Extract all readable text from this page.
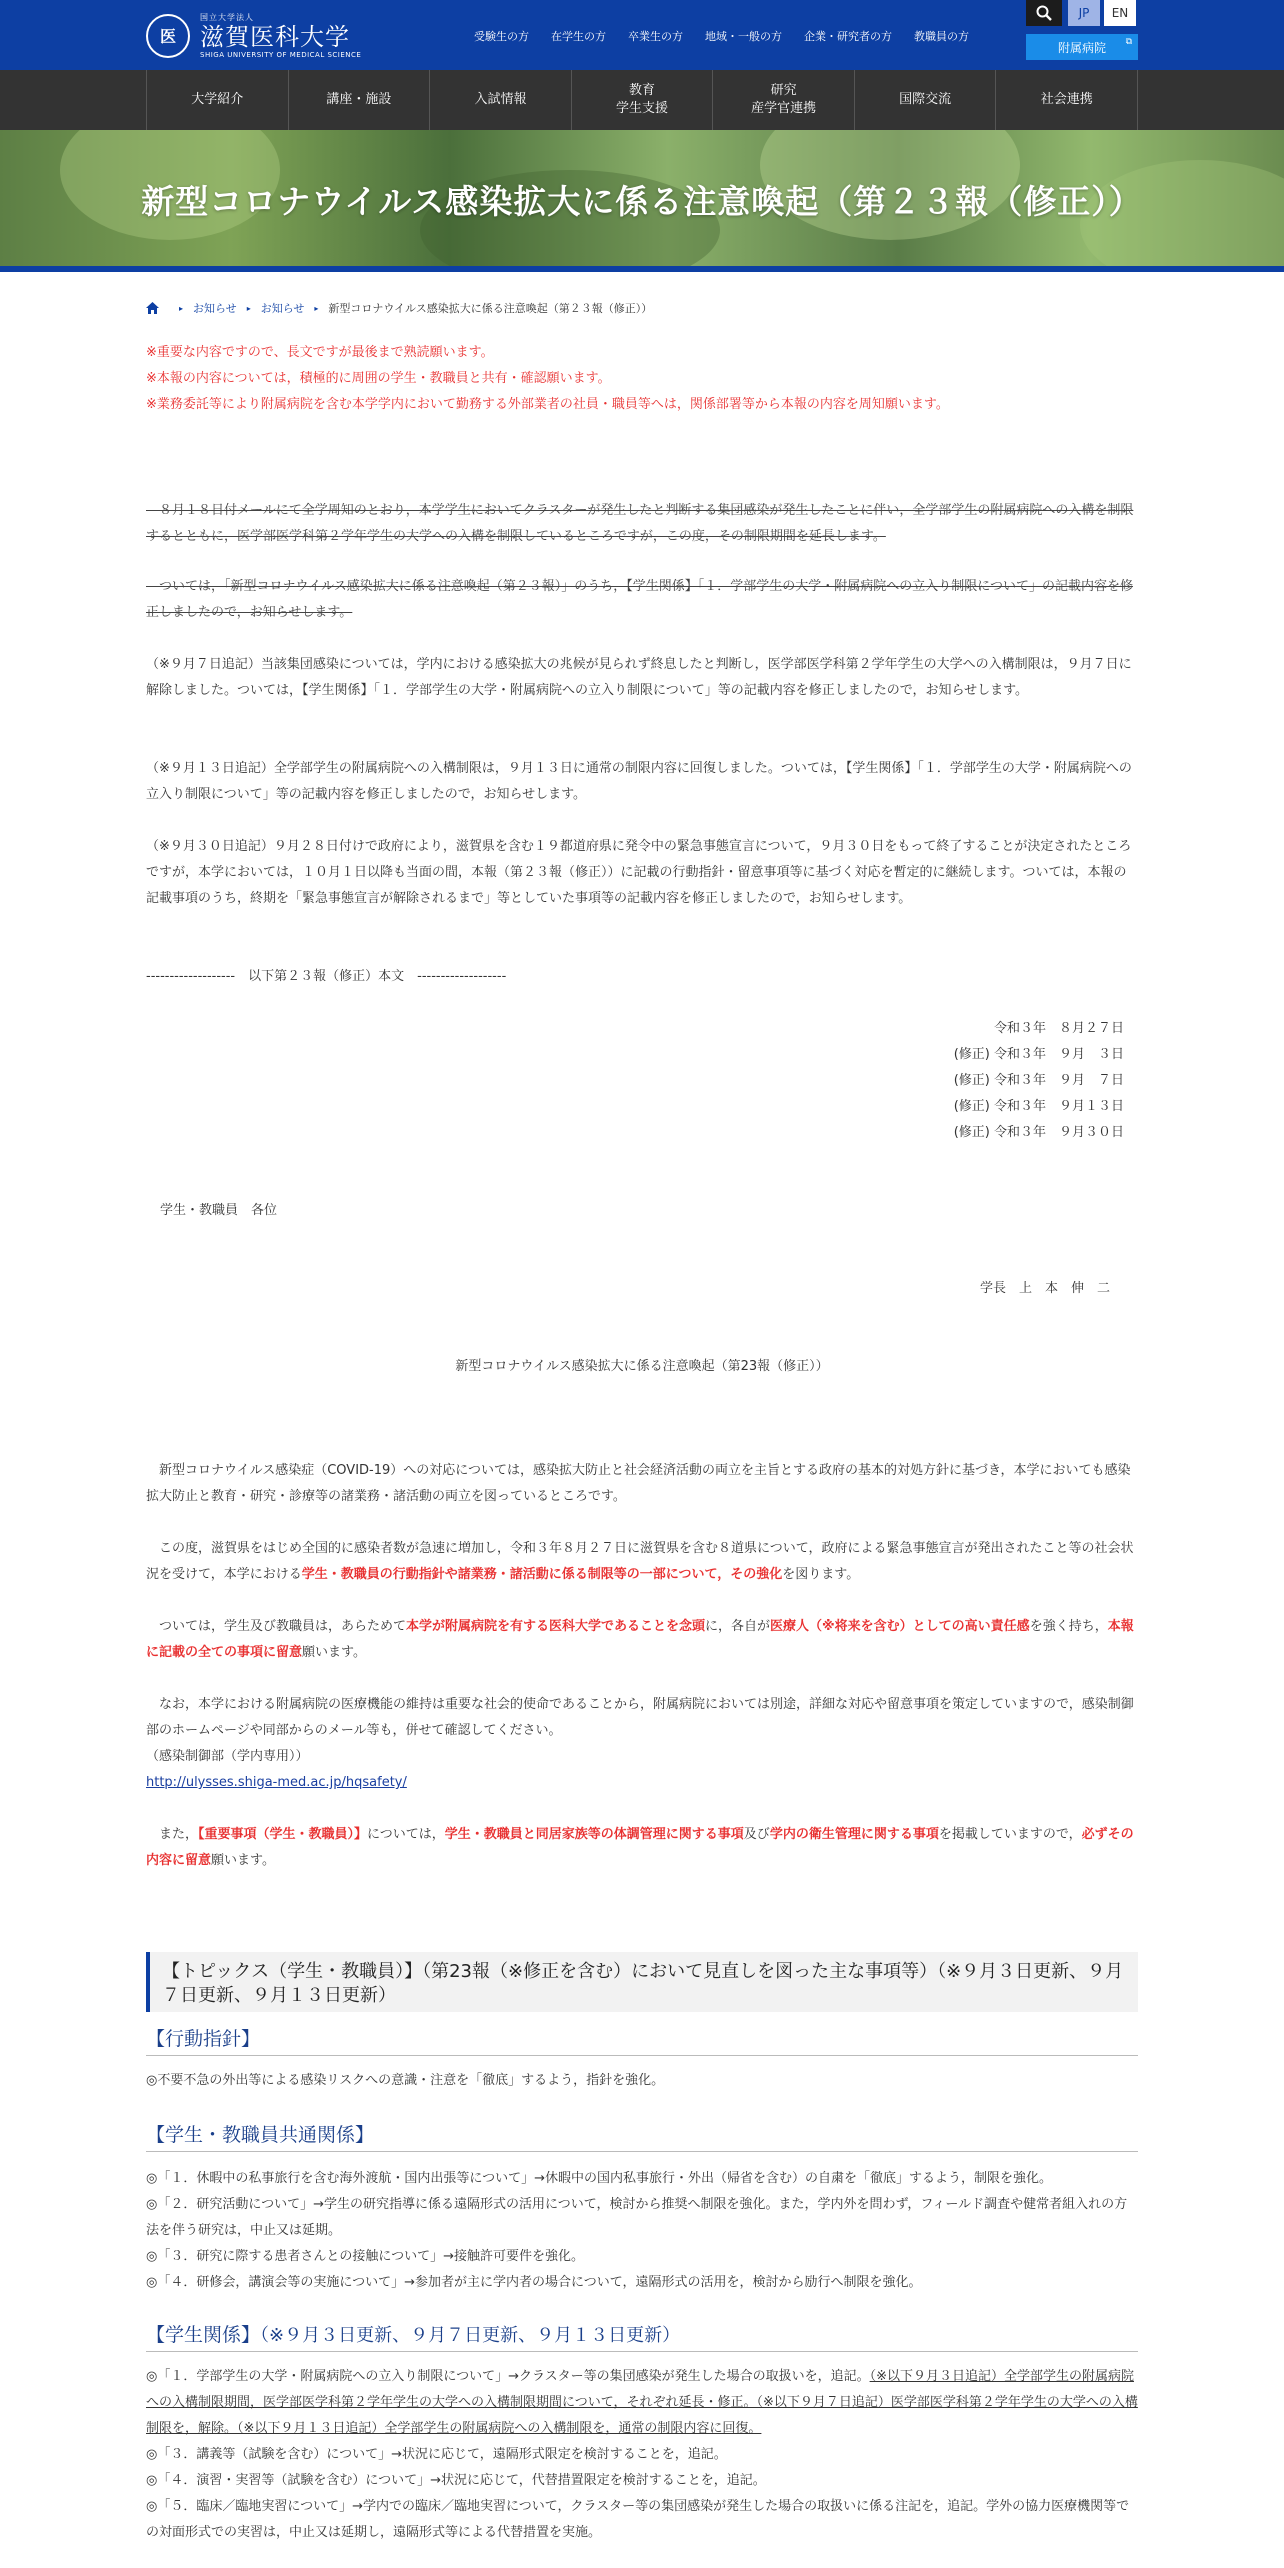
医
国立大学法人
滋賀医科大学
SHIGA UNIVERSITY OF MEDICAL SCIENCE
受験生の方 在学生の方 卒業生の方 地域・一般の方 企業・研究者の方 教職員の方
JP	EN
附属病院 ⧉
大学紹介	講座・施設	入試情報
教育
学生支援
研究
産学官連携
国際交流	社会連携
新型コロナウイルス感染拡大に係る注意喚起（第２３報（修正））
▸ お知らせ ▸ お知らせ ▸ 新型コロナウイルス感染拡大に係る注意喚起（第２３報（修正））
※重要な内容ですので、長文ですが最後まで熟読願います。
※本報の内容については，積極的に周囲の学生・教職員と共有・確認願います。
※業務委託等により附属病院を含む本学学内において勤務する外部業者の社員・職員等へは，関係部署等から本報の内容を周知願います。
　８月１８日付メールにて全学周知のとおり，本学学生においてクラスターが発生したと判断する集団感染が発生したことに伴い，全学部学生の附属病院への入構を制限するとともに，医学部医学科第２学年学生の大学への入構を制限しているところですが，この度，その制限期間を延長します。
　ついては，「新型コロナウイルス感染拡大に係る注意喚起（第２３報）」のうち，【学生関係】「１．学部学生の大学・附属病院への立入り制限について」の記載内容を修正しましたので，お知らせします。
（※９月７日追記）当該集団感染については，学内における感染拡大の兆候が見られず終息したと判断し，医学部医学科第２学年学生の大学への入構制限は，９月７日に解除しました。ついては，【学生関係】「１．学部学生の大学・附属病院への立入り制限について」等の記載内容を修正しましたので，お知らせします。
（※９月１３日追記）全学部学生の附属病院への入構制限は，９月１３日に通常の制限内容に回復しました。ついては，【学生関係】「１．学部学生の大学・附属病院への立入り制限について」等の記載内容を修正しましたので，お知らせします。
（※９月３０日追記）９月２８日付けで政府により，滋賀県を含む１９都道府県に発令中の緊急事態宣言について，９月３０日をもって終了することが決定されたところですが，本学においては，１０月１日以降も当面の間，本報（第２３報（修正））に記載の行動指針・留意事項等に基づく対応を暫定的に継続します。ついては，本報の記載事項のうち，終期を「緊急事態宣言が解除されるまで」等としていた事項等の記載内容を修正しましたので，お知らせします。
-------------------　以下第２３報（修正）本文　-------------------
令和３年　８月２７日
(修正) 令和３年　９月　３日
(修正) 令和３年　９月　７日
(修正) 令和３年　９月１３日
(修正) 令和３年　９月３０日
学生・教職員　各位
学長　上　本　伸　二
新型コロナウイルス感染拡大に係る注意喚起（第23報（修正））
　新型コロナウイルス感染症（COVID-19）への対応については，感染拡大防止と社会経済活動の両立を主旨とする政府の基本的対処方針に基づき，本学においても感染拡大防止と教育・研究・診療等の諸業務・諸活動の両立を図っているところです。
　この度，滋賀県をはじめ全国的に感染者数が急速に増加し，令和３年８月２７日に滋賀県を含む８道県について，政府による緊急事態宣言が発出されたこと等の社会状況を受けて，本学における学生・教職員の行動指針や諸業務・諸活動に係る制限等の一部について，その強化を図ります。
　ついては，学生及び教職員は，あらためて本学が附属病院を有する医科大学であることを念頭に，各自が医療人（※将来を含む）としての高い責任感を強く持ち，本報に記載の全ての事項に留意願います。
　なお，本学における附属病院の医療機能の維持は重要な社会的使命であることから，附属病院においては別途，詳細な対応や留意事項を策定していますので，感染制御部のホームページや同部からのメール等も，併せて確認してください。
（感染制御部（学内専用））
http://ulysses.shiga-med.ac.jp/hqsafety/
　また，【重要事項（学生・教職員）】については，学生・教職員と同居家族等の体調管理に関する事項及び学内の衛生管理に関する事項を掲載していますので，必ずその内容に留意願います。
【トピックス（学生・教職員）】（第23報（※修正を含む）において見直しを図った主な事項等）（※９月３日更新、９月７日更新、９月１３日更新）
【行動指針】
◎不要不急の外出等による感染リスクへの意識・注意を「徹底」するよう，指針を強化。
【学生・教職員共通関係】
◎「１．休暇中の私事旅行を含む海外渡航・国内出張等について」→休暇中の国内私事旅行・外出（帰省を含む）の自粛を「徹底」するよう，制限を強化。
◎「２．研究活動について」→学生の研究指導に係る遠隔形式の活用について，検討から推奨へ制限を強化。また，学内外を問わず，フィールド調査や健常者組入れの方法を伴う研究は，中止又は延期。
◎「３．研究に際する患者さんとの接触について」→接触許可要件を強化。
◎「４．研修会，講演会等の実施について」→参加者が主に学内者の場合について，遠隔形式の活用を，検討から励行へ制限を強化。
【学生関係】（※９月３日更新、９月７日更新、９月１３日更新）
◎「１．学部学生の大学・附属病院への立入り制限について」→クラスター等の集団感染が発生した場合の取扱いを，追記。（※以下９月３日追記）全学部学生の附属病院への入構制限期間，医学部医学科第２学年学生の大学への入構制限期間について，それぞれ延長・修正。（※以下９月７日追記）医学部医学科第２学年学生の大学への入構制限を，解除。（※以下９月１３日追記）全学部学生の附属病院への入構制限を，通常の制限内容に回復。
◎「３．講義等（試験を含む）について」→状況に応じて，遠隔形式限定を検討することを，追記。
◎「４．演習・実習等（試験を含む）について」→状況に応じて，代替措置限定を検討することを，追記。
◎「５．臨床／臨地実習について」→学内での臨床／臨地実習について，クラスター等の集団感染が発生した場合の取扱いに係る注記を，追記。学外の協力医療機関等での対面形式での実習は，中止又は延期し，遠隔形式等による代替措置を実施。
